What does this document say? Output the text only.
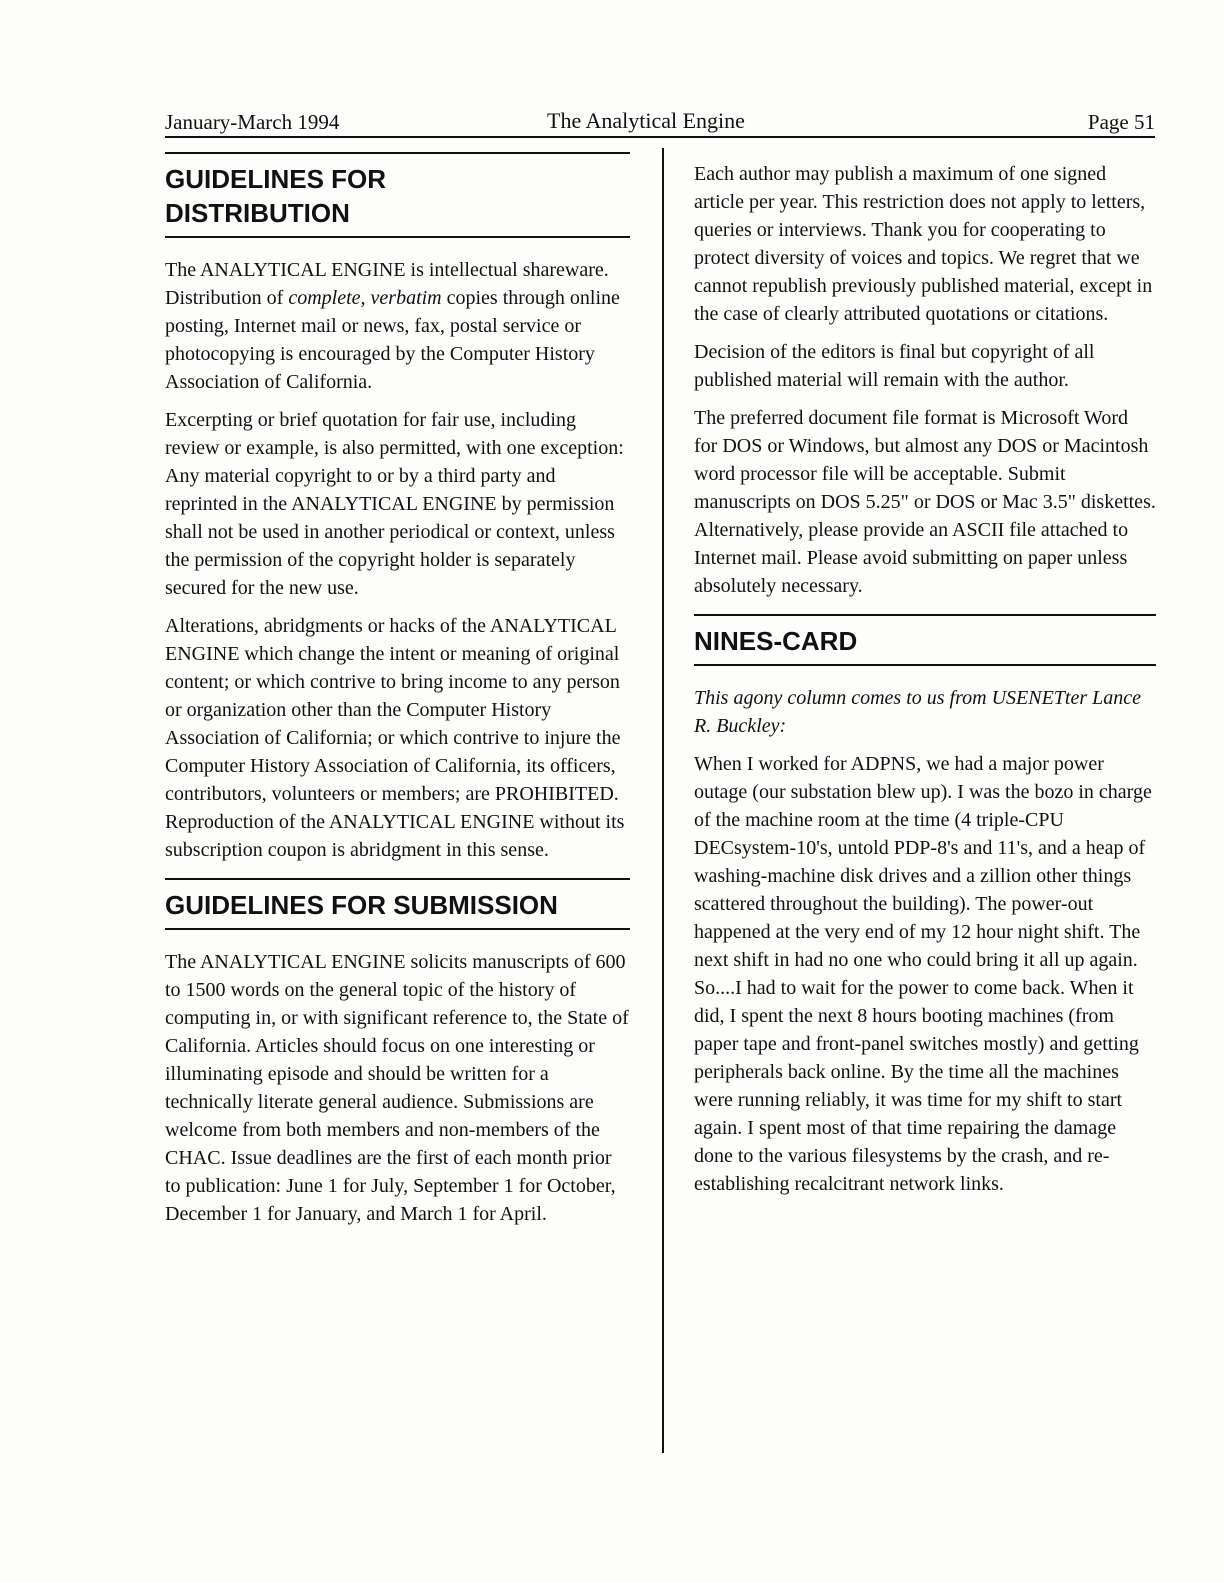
January-March 1994	The Analytical Engine	Page 51
GUIDELINES FOR
DISTRIBUTION

The ANALYTICAL ENGINE is intellectual shareware. Distribution of complete, verbatim copies through online posting, Internet mail or news, fax, postal service or photocopying is encouraged by the Computer History Association of California.

Excerpting or brief quotation for fair use, including review or example, is also permitted, with one exception: Any material copyright to or by a third party and reprinted in the ANALYTICAL ENGINE by permission shall not be used in another periodical or context, unless the permission of the copyright holder is separately secured for the new use.

Alterations, abridgments or hacks of the ANALYTICAL ENGINE which change the intent or meaning of original content; or which contrive to bring income to any person or organization other than the Computer History Association of California; or which contrive to injure the Computer History Association of California, its officers, contributors, volunteers or members; are PROHIBITED. Reproduction of the ANALYTICAL ENGINE without its subscription coupon is abridgment in this sense.

GUIDELINES FOR SUBMISSION

The ANALYTICAL ENGINE solicits manuscripts of 600 to 1500 words on the general topic of the history of computing in, or with significant reference to, the State of California. Articles should focus on one interesting or illuminating episode and should be written for a technically literate general audience. Submissions are welcome from both members and non-members of the CHAC. Issue deadlines are the first of each month prior to publication: June 1 for July, September 1 for October, December 1 for January, and March 1 for April.

Each author may publish a maximum of one signed article per year. This restriction does not apply to letters, queries or interviews. Thank you for cooperating to protect diversity of voices and topics. We regret that we cannot republish previously published material, except in the case of clearly attributed quotations or citations.

Decision of the editors is final but copyright of all published material will remain with the author.

The preferred document file format is Microsoft Word for DOS or Windows, but almost any DOS or Macintosh word processor file will be acceptable. Submit manuscripts on DOS 5.25" or DOS or Mac 3.5" diskettes. Alternatively, please provide an ASCII file attached to Internet mail. Please avoid submitting on paper unless absolutely necessary.

NINES-CARD

This agony column comes to us from USENETter Lance R. Buckley:

When I worked for ADPNS, we had a major power outage (our substation blew up). I was the bozo in charge of the machine room at the time (4 triple-CPU DECsystem-10's, untold PDP-8's and 11's, and a heap of washing-machine disk drives and a zillion other things scattered throughout the building). The power-out happened at the very end of my 12 hour night shift. The next shift in had no one who could bring it all up again. So....I had to wait for the power to come back. When it did, I spent the next 8 hours booting machines (from paper tape and front-panel switches mostly) and getting peripherals back online. By the time all the machines were running reliably, it was time for my shift to start again. I spent most of that time repairing the damage done to the various filesystems by the crash, and re-establishing recalcitrant network links.
